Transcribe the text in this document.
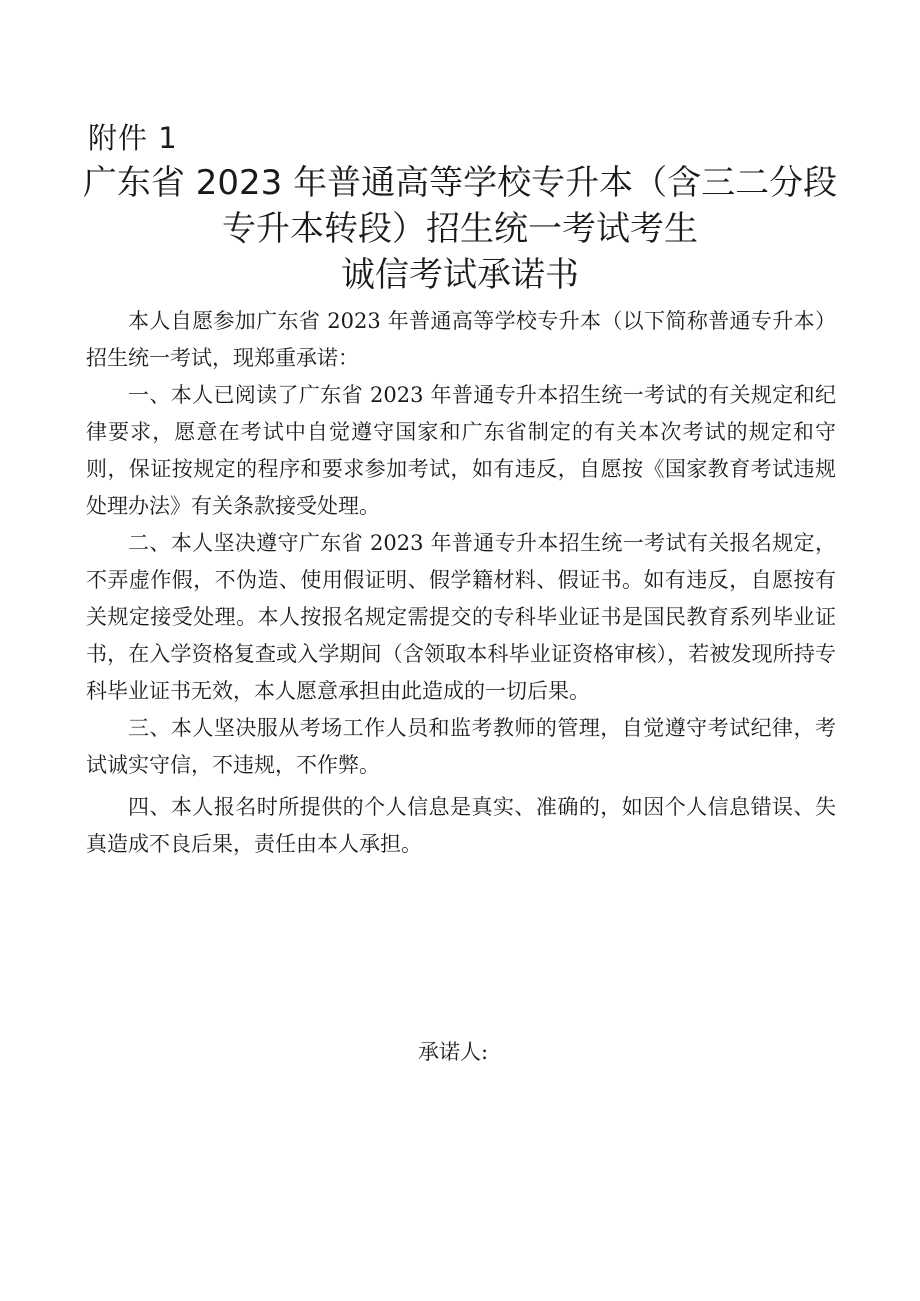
附件 1
广东省 2023 年普通高等学校专升本（含三二分段
专升本转段）招生统一考试考生
诚信考试承诺书

本人自愿参加广东省 2023 年普通高等学校专升本（以下简称普通专升本）招生统一考试，现郑重承诺：

一、本人已阅读了广东省 2023 年普通专升本招生统一考试的有关规定和纪律要求，愿意在考试中自觉遵守国家和广东省制定的有关本次考试的规定和守则，保证按规定的程序和要求参加考试，如有违反，自愿按《国家教育考试违规处理办法》有关条款接受处理。

二、本人坚决遵守广东省 2023 年普通专升本招生统一考试有关报名规定，不弄虚作假，不伪造、使用假证明、假学籍材料、假证书。如有违反，自愿按有关规定接受处理。本人按报名规定需提交的专科毕业证书是国民教育系列毕业证书，在入学资格复查或入学期间（含领取本科毕业证资格审核），若被发现所持专科毕业证书无效，本人愿意承担由此造成的一切后果。

三、本人坚决服从考场工作人员和监考教师的管理，自觉遵守考试纪律，考试诚实守信，不违规，不作弊。

四、本人报名时所提供的个人信息是真实、准确的，如因个人信息错误、失真造成不良后果，责任由本人承担。

承诺人:
